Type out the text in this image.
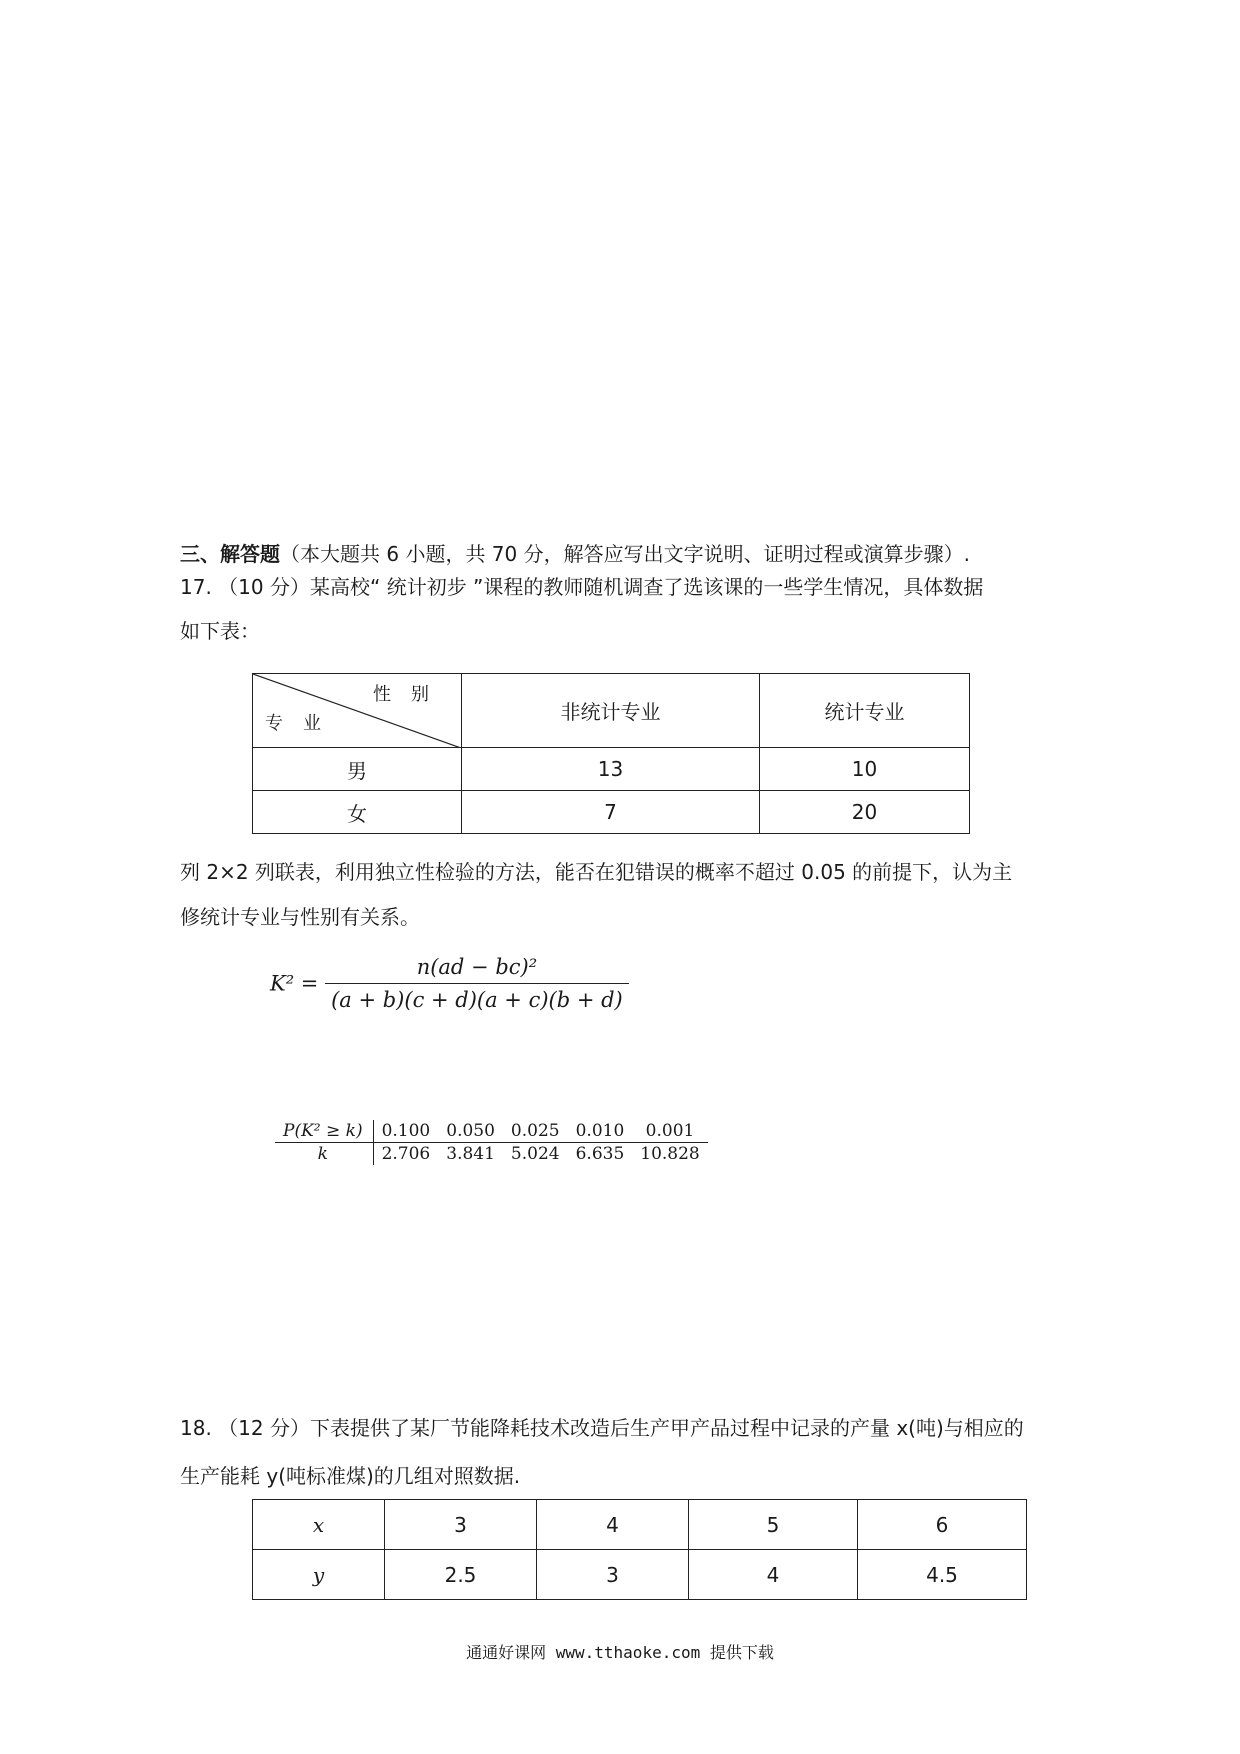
三、解答题（本大题共 6 小题，共 70 分，解答应写出文字说明、证明过程或演算步骤）.
17. （10 分）某高校“ 统计初步 ”课程的教师随机调查了选该课的一些学生情况，具体数据
如下表：
性别
专业	非统计专业	统计专业
男	13	10
女	7	20
列 2×2 列联表，利用独立性检验的方法，能否在犯错误的概率不超过 0.05 的前提下，认为主
修统计专业与性别有关系。
$K^2 = \frac{\text{n(ad − bc)²}}{(a + b)(c + d)(a + c)(b + d)}$
P(K² ≥ k)	0.100	0.050	0.025	0.010	0.001
k	2.706	3.841	5.024	6.635	10.828
18. （12 分）下表提供了某厂节能降耗技术改造后生产甲产品过程中记录的产量 x(吨)与相应的
生产能耗 y(吨标准煤)的几组对照数据.
x	3	4	5	6
y	2.5	3	4	4.5
通通好课网 www.tthaoke.com 提供下载
